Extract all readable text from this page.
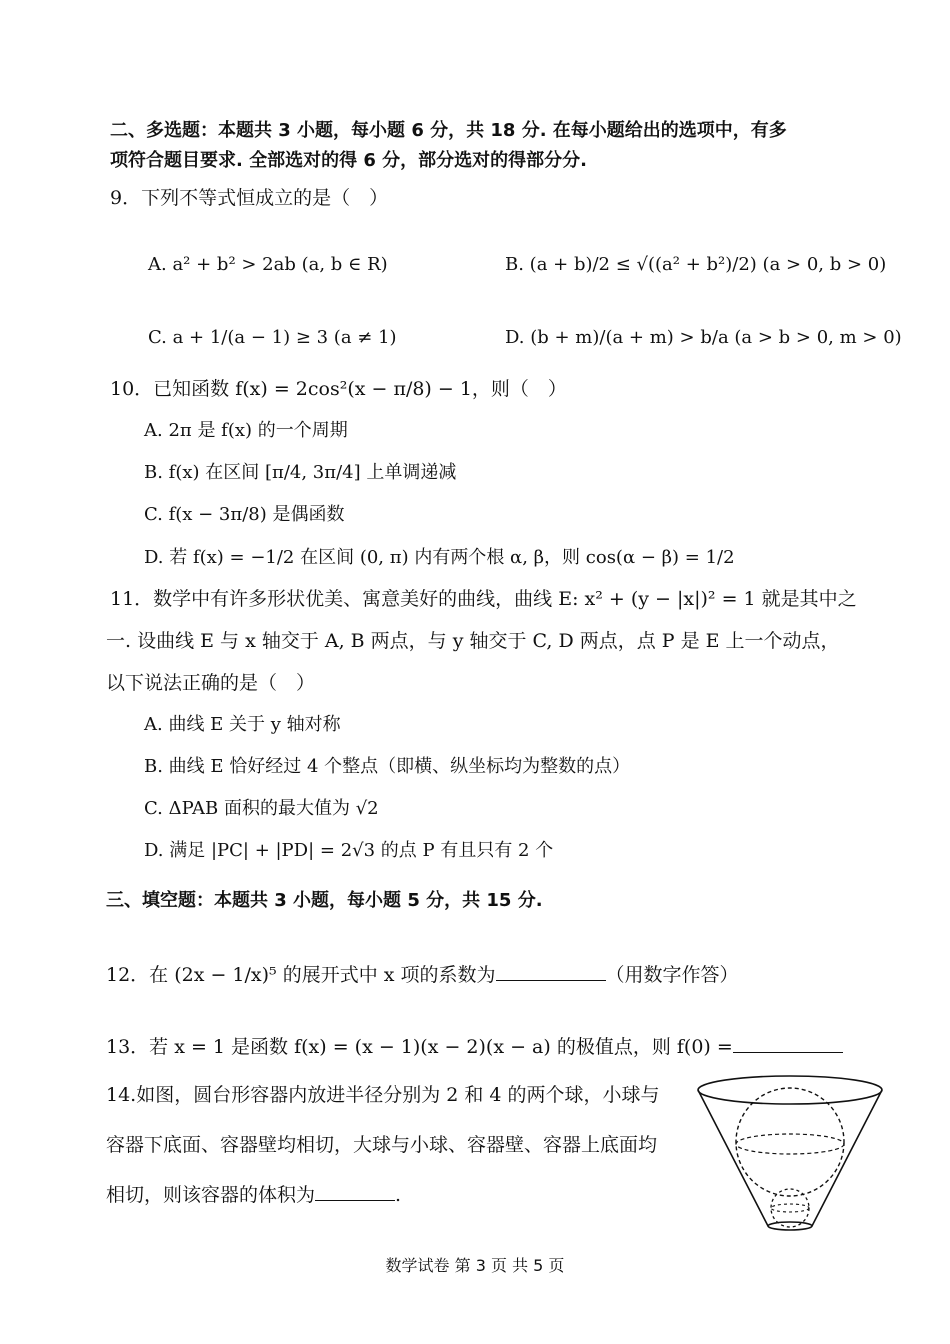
二、多选题：本题共 3 小题，每小题 6 分，共 18 分. 在每小题给出的选项中，有多
项符合题目要求. 全部选对的得 6 分，部分选对的得部分分.
9．下列不等式恒成立的是（　）
A. a² + b² > 2ab (a, b ∈ R)	B. (a + b)/2 ≤ √((a² + b²)/2) (a > 0, b > 0)
C. a + 1/(a − 1) ≥ 3 (a ≠ 1)	D. (b + m)/(a + m) > b/a (a > b > 0, m > 0)
10．已知函数 f(x) = 2cos²(x − π/8) − 1，则（　）
A. 2π 是 f(x) 的一个周期
B. f(x) 在区间 [π/4, 3π/4] 上单调递减
C. f(x − 3π/8) 是偶函数
D. 若 f(x) = −1/2 在区间 (0, π) 内有两个根 α, β，则 cos(α − β) = 1/2
11．数学中有许多形状优美、寓意美好的曲线，曲线 E: x² + (y − |x|)² = 1 就是其中之
一. 设曲线 E 与 x 轴交于 A, B 两点，与 y 轴交于 C, D 两点，点 P 是 E 上一个动点，
以下说法正确的是（　）
A. 曲线 E 关于 y 轴对称
B. 曲线 E 恰好经过 4 个整点（即横、纵坐标均为整数的点）
C. ΔPAB 面积的最大值为 √2
D. 满足 |PC| + |PD| = 2√3 的点 P 有且只有 2 个
三、填空题：本题共 3 小题，每小题 5 分，共 15 分.
12．在 (2x − 1/x)⁵ 的展开式中 x 项的系数为	（用数字作答）
13．若 x = 1 是函数 f(x) = (x − 1)(x − 2)(x − a) 的极值点，则 f(0) =
14.如图，圆台形容器内放进半径分别为 2 和 4 的两个球，小球与
容器下底面、容器壁均相切，大球与小球、容器壁、容器上底面均
相切，则该容器的体积为	.
数学试卷 第 3 页 共 5 页
